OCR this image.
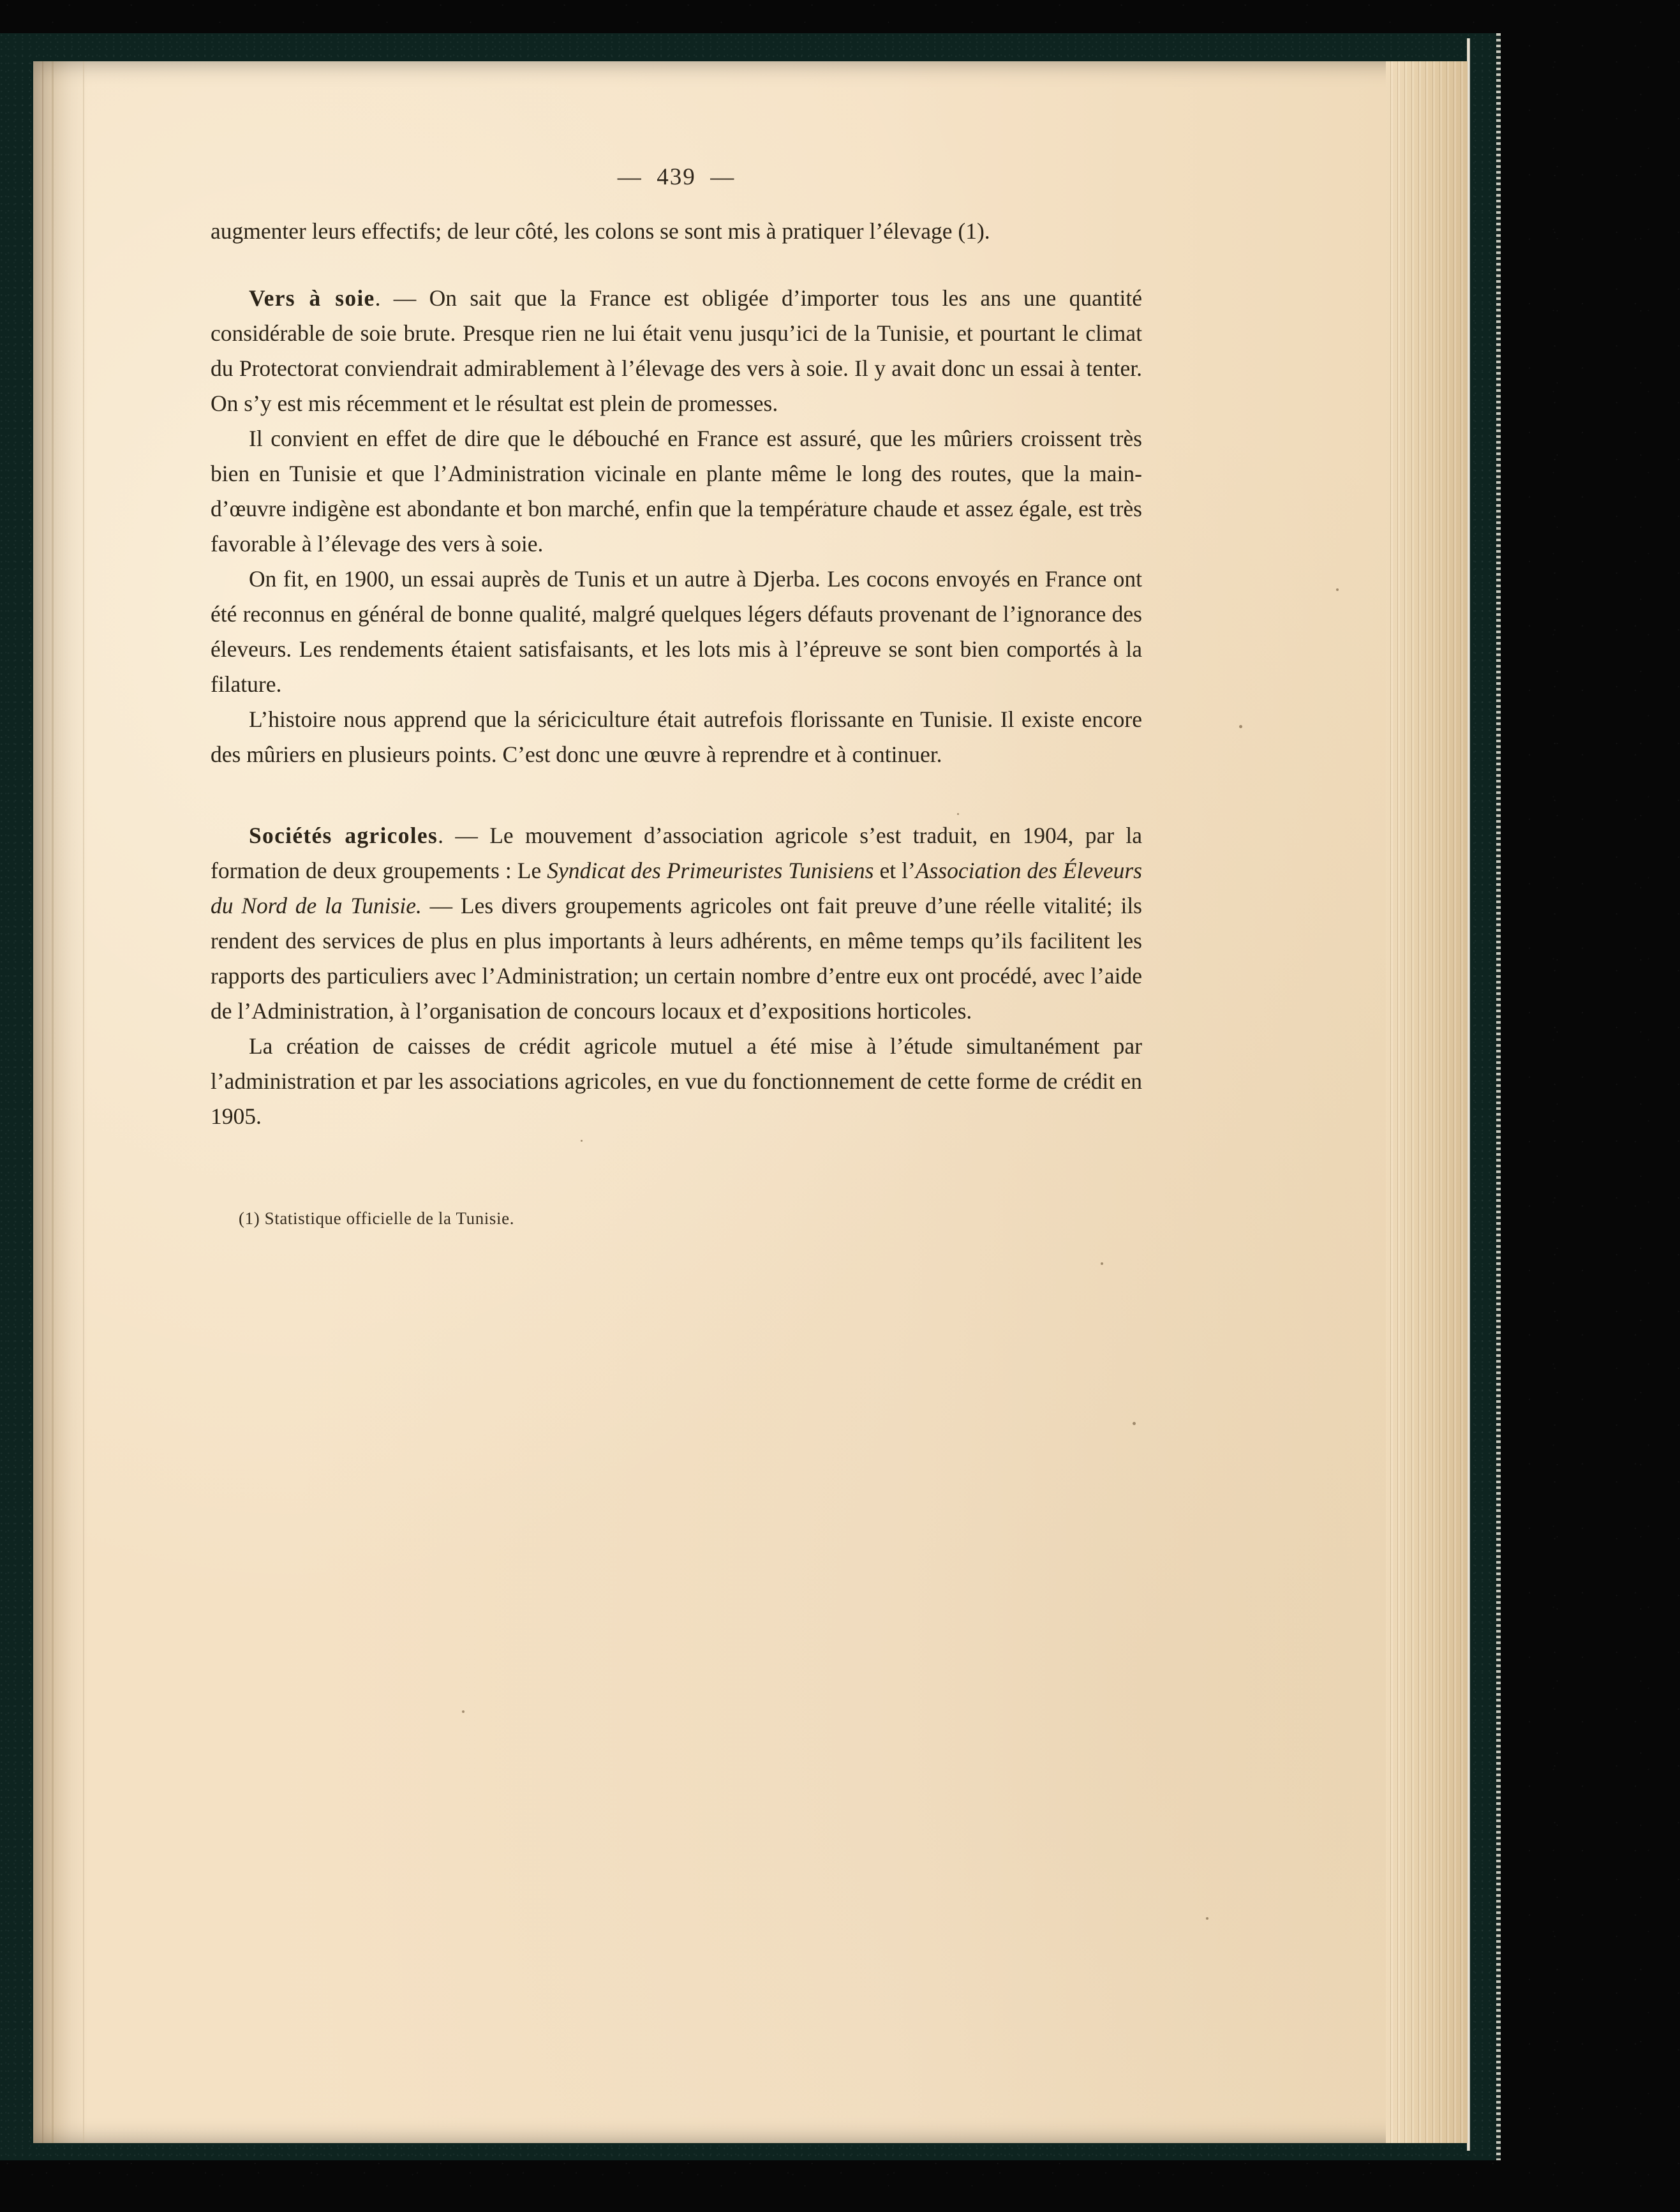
—  439  —

augmenter leurs effectifs; de leur côté, les colons se sont mis à pratiquer l’élevage (1).

Vers à soie. — On sait que la France est obligée d’importer tous les ans une quantité considérable de soie brute. Presque rien ne lui était venu jusqu’ici de la Tunisie, et pourtant le climat du Protectorat conviendrait admirablement à l’élevage des vers à soie. Il y avait donc un essai à tenter. On s’y est mis récemment et le résultat est plein de promesses.

Il convient en effet de dire que le débouché en France est assuré, que les mûriers croissent très bien en Tunisie et que l’Administration vicinale en plante même le long des routes, que la main-d’œuvre indigène est abondante et bon marché, enfin que la température chaude et assez égale, est très favorable à l’élevage des vers à soie.

On fit, en 1900, un essai auprès de Tunis et un autre à Djerba. Les cocons envoyés en France ont été reconnus en général de bonne qualité, malgré quelques légers défauts provenant de l’ignorance des éleveurs. Les rendements étaient satisfaisants, et les lots mis à l’épreuve se sont bien comportés à la filature.

L’histoire nous apprend que la sériciculture était autrefois florissante en Tunisie. Il existe encore des mûriers en plusieurs points. C’est donc une œuvre à reprendre et à continuer.

Sociétés agricoles. — Le mouvement d’association agricole s’est traduit, en 1904, par la formation de deux groupements : Le Syndicat des Primeuristes Tunisiens et l’Association des Éleveurs du Nord de la Tunisie. — Les divers groupements agricoles ont fait preuve d’une réelle vitalité; ils rendent des services de plus en plus importants à leurs adhérents, en même temps qu’ils facilitent les rapports des particuliers avec l’Administration; un certain nombre d’entre eux ont procédé, avec l’aide de l’Administration, à l’organisation de concours locaux et d’expositions horticoles.

La création de caisses de crédit agricole mutuel a été mise à l’étude simultanément par l’administration et par les associations agricoles, en vue du fonctionnement de cette forme de crédit en 1905.

(1) Statistique officielle de la Tunisie.
